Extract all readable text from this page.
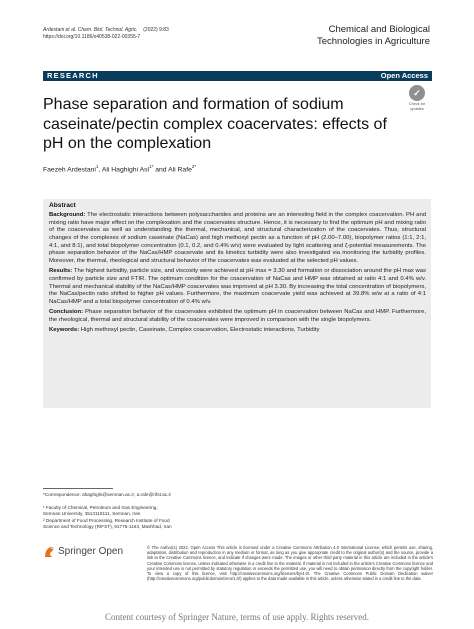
Ardestani et al. Chem. Biol. Technol. Agric. (2022) 9:83
https://doi.org/10.1186/s40538-022-00355-7
Chemical and Biological
Technologies in Agriculture
RESEARCH	Open Access
Phase separation and formation of sodium caseinate/pectin complex coacervates: effects of pH on the complexation
✓
Check for
updates
Faezeh Ardestani$^1$, Ali Haghighi Asl$^{1*}$ and Ali Rafe$^{2*}$
Abstract

Background: The electrostatic interactions between polysaccharides and proteins are an interesting field in the complex coacervation. PH and mixing ratio have major effect on the complexation and the coacervates structure. Hence, it is necessary to find the optimum pH and mixing ratio of the coacervates as well as understanding the thermal, mechanical, and structural characterization of the coacervates. Thus, structural changes of the complexes of sodium caseinate (NaCas) and high methoxyl pectin as a function of pH (2.00–7.00), biopolymer ratios (1:1, 2:1, 4:1, and 8:1), and total biopolymer concentration (0.1, 0.2, and 0.4% w/v) were evaluated by light scattering and ζ-potential measurements. The phase separation behavior of the NaCas/HMP coacervate and its kinetics turbidity were also investigated via monitoring the turbidity profiles. Moreover, the thermal, rheological and structural behavior of the coacervates was evaluated at the selected pH values.

Results: The highest turbidity, particle size, and viscosity were achieved at pH max = 3.30 and formation or dissociation around the pH max was confirmed by particle size and FTIR. The optimum condition for the coacervation of NaCas and HMP was obtained at ratio 4:1 and 0.4% w/v. Thermal and mechanical stability of the NaCas/HMP coacervates was improved at pH 3.30. By increasing the total concentration of biopolymers, the NaCas/pectin ratio shifted to higher pH values. Furthermore, the maximum coacervate yield was achieved at 39.8% w/w at a ratio of 4:1 NaCas/HMP and a total biopolymer concentration of 0.4% w/v.

Conclusion: Phase separation behavior of the coacervates exhibited the optimum pH in coacervation between NaCas and HMP. Furthermore, the rheological, thermal and structural stability of the coacervates were improved in comparison with the single biopolymers.

Keywords: High methoxyl pectin, Caseinate, Complex coacervation, Electrostatic interactions, Turbidity

*Correspondence: ahaghighi@semnan.ac.ir; a.rafe@rifst.ac.ir
¹ Faculty of Chemical, Petroleum and Gas Engineering, Semnan University, 3513119111, Semnan, Iran
² Department of Food Processing, Research Institute of Food Science and Technology (RIFST), 91775-1163, Mashhad, Iran
Springer Open	© The Author(s) 2022. Open Access This article is licensed under a Creative Commons Attribution 4.0 International License, which permits use, sharing, adaptation, distribution and reproduction in any medium or format, as long as you give appropriate credit to the original author(s) and the source, provide a link to the Creative Commons licence, and indicate if changes were made. The images or other third party material in this article are included in the article's Creative Commons licence, unless indicated otherwise in a credit line to the material. If material is not included in the article's Creative Commons licence and your intended use is not permitted by statutory regulation or exceeds the permitted use, you will need to obtain permission directly from the copyright holder. To view a copy of this licence, visit http://creativecommons.org/licenses/by/4.0/. The Creative Commons Public Domain Dedication waiver (http://creativecommons.org/publicdomain/zero/1.0/) applies to the data made available in this article, unless otherwise stated in a credit line to the data.
Content courtesy of Springer Nature, terms of use apply. Rights reserved.
